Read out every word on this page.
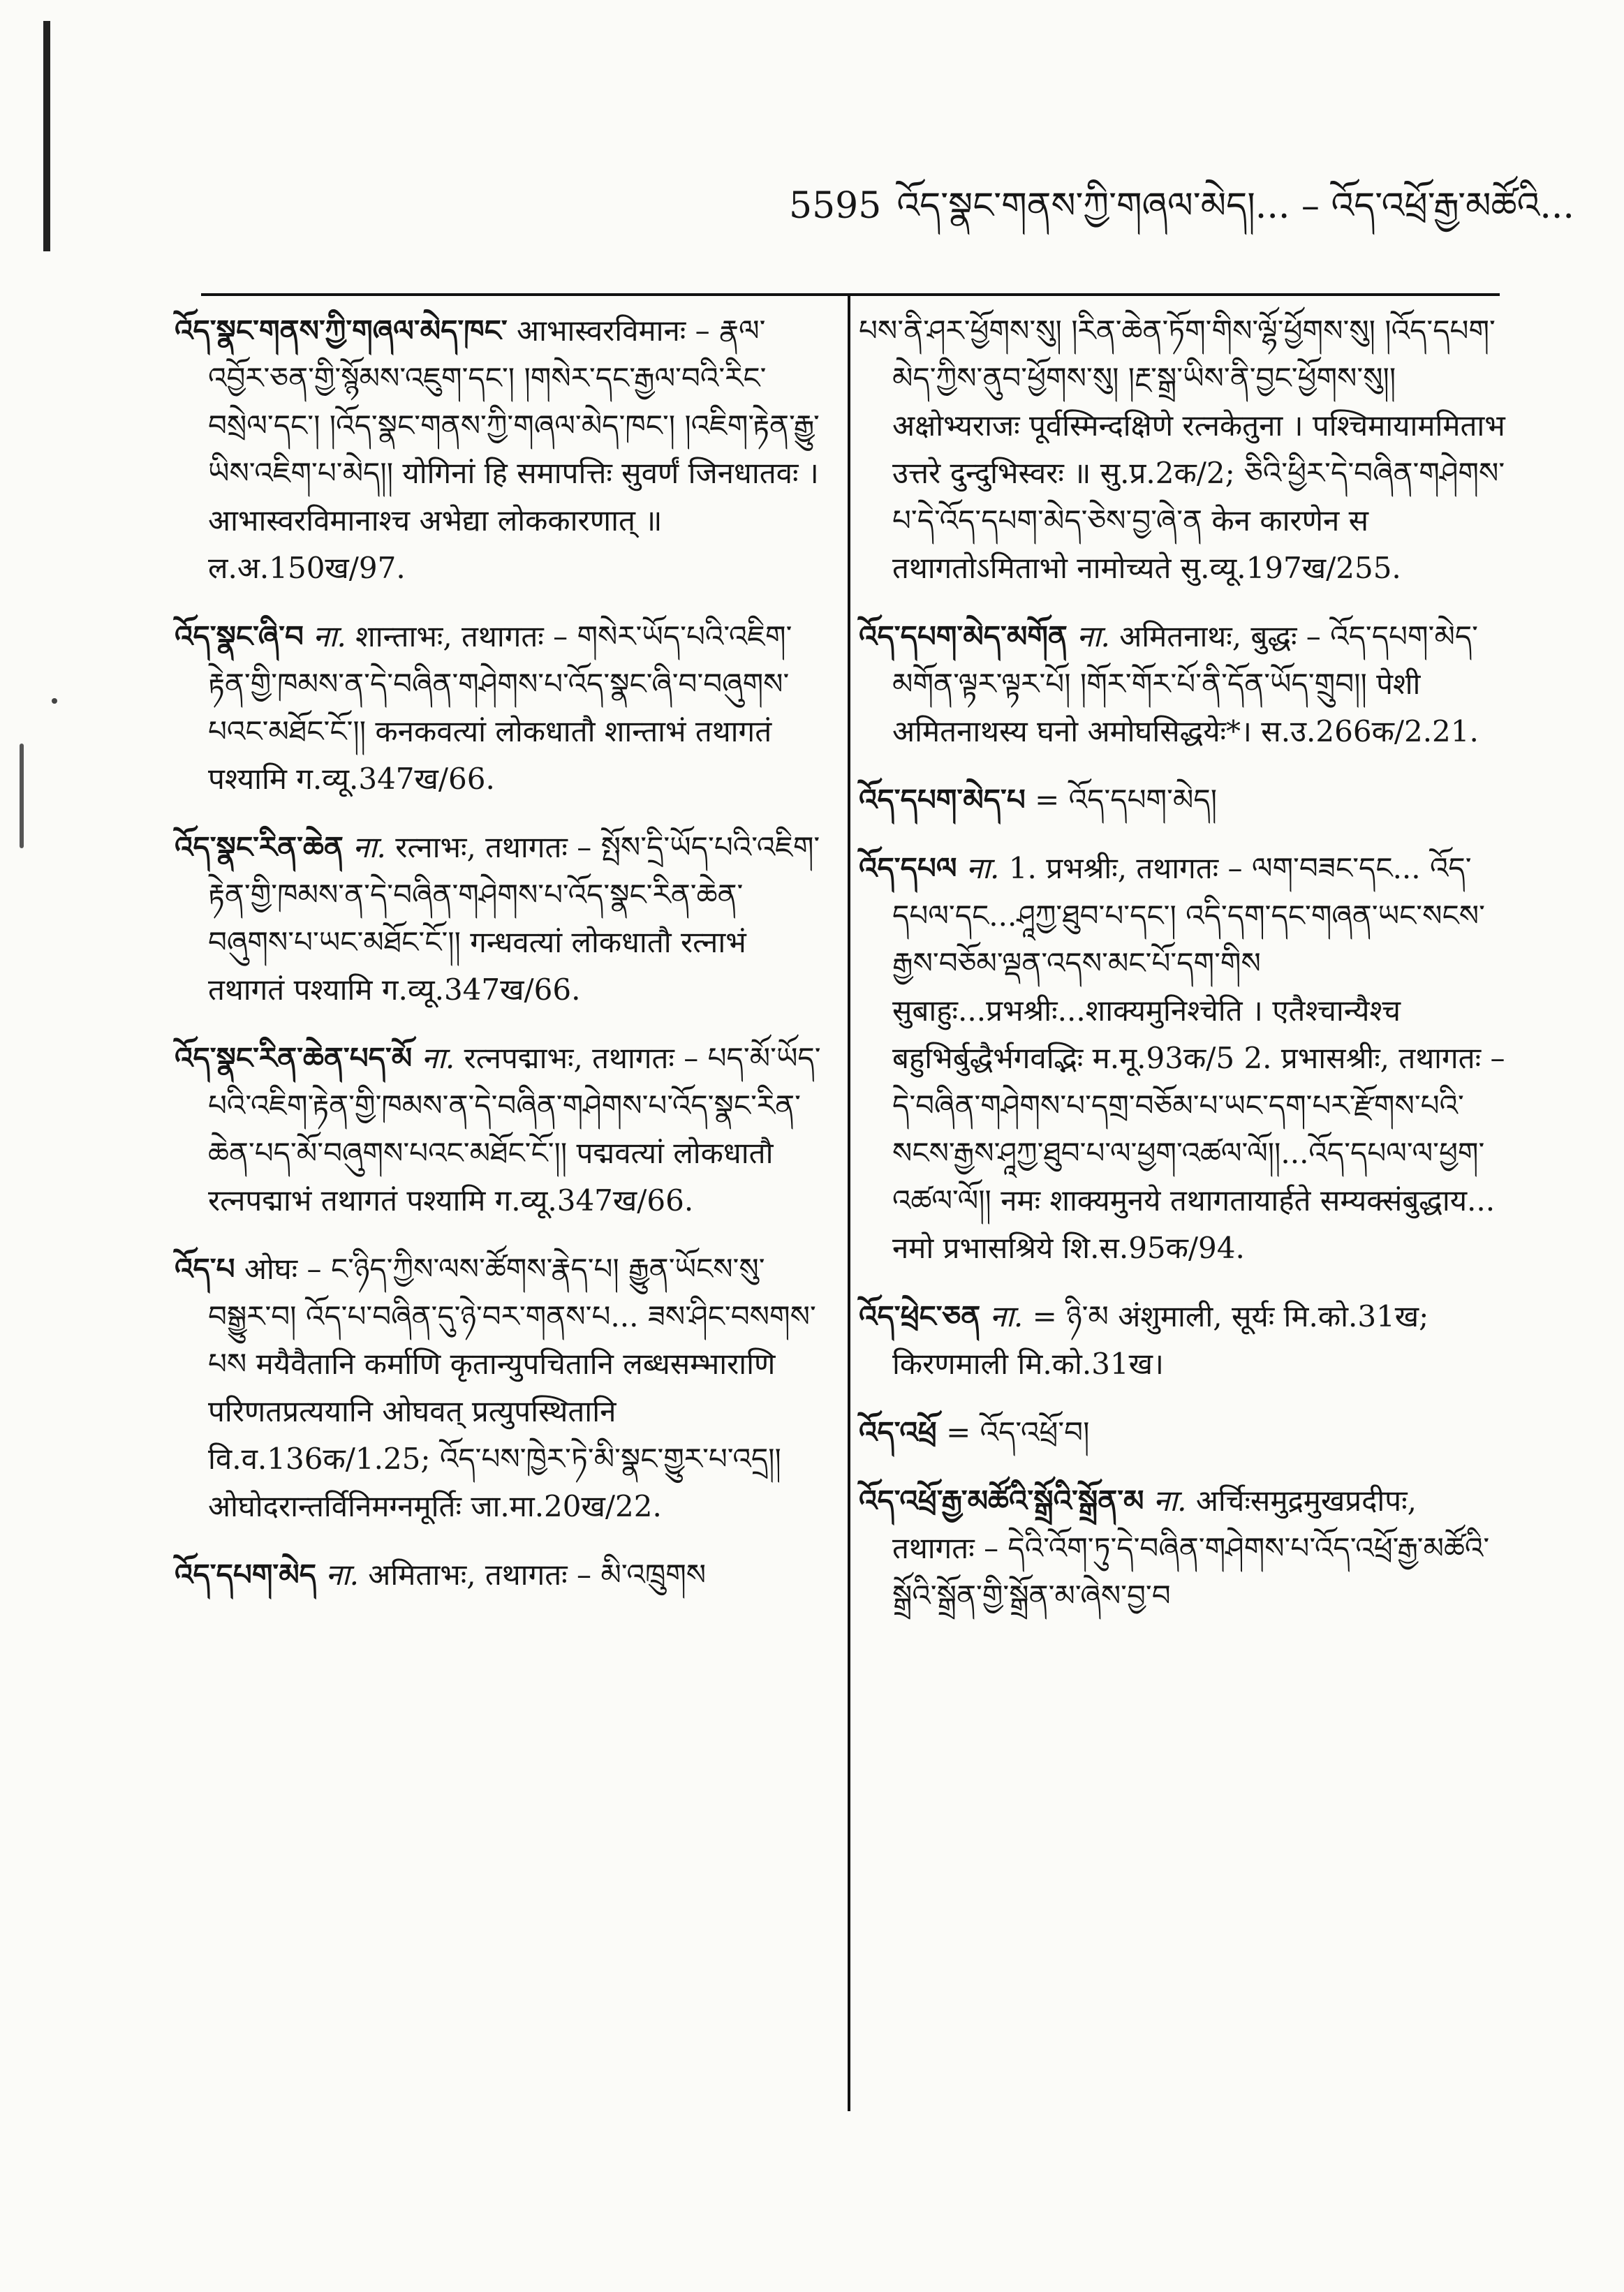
5595 འོད་སྣང་གནས་ཀྱི་གཞལ་མེད།... – འོད་འཕྲོ་རྒྱ་མཚོའི...

འོད་སྣང་གནས་ཀྱི་གཞལ་མེད་ཁང་ आभास्वरविमानः – རྣལ་འབྱོར་ཅན་གྱི་སྙོམས་འཇུག་དང་། །གསེར་དང་རྒྱལ་བའི་རིང་བསྲེལ་དང་། །འོད་སྣང་གནས་ཀྱི་གཞལ་མེད་ཁང་། །འཇིག་རྟེན་རྒྱུ་ཡིས་འཇིག་པ་མེད།། योगिनां हि समापत्तिः सुवर्णं जिनधातवः । आभास्वरविमानाश्च अभेद्या लोककारणात् ॥ ल.अ.150ख/97.

འོད་སྣང་ཞི་བ ना. शान्ताभः, तथागतः – གསེར་ཡོད་པའི་འཇིག་རྟེན་གྱི་ཁམས་ན་དེ་བཞིན་གཤེགས་པ་འོད་སྣང་ཞི་བ་བཞུགས་པའང་མཐོང་ངོ་།། कनकवत्यां लोकधातौ शान्ताभं तथागतं पश्यामि ग.व्यू.347ख/66.

འོད་སྣང་རིན་ཆེན ना. रत्नाभः, तथागतः – སྤོས་དྲི་ཡོད་པའི་འཇིག་རྟེན་གྱི་ཁམས་ན་དེ་བཞིན་གཤེགས་པ་འོད་སྣང་རིན་ཆེན་བཞུགས་པ་ཡང་མཐོང་ངོ་།། गन्धवत्यां लोकधातौ रत्नाभं तथागतं पश्यामि ग.व्यू.347ख/66.

འོད་སྣང་རིན་ཆེན་པད་མོ ना. रत्नपद्माभः, तथागतः – པད་མོ་ཡོད་པའི་འཇིག་རྟེན་གྱི་ཁམས་ན་དེ་བཞིན་གཤེགས་པ་འོད་སྣང་རིན་ཆེན་པད་མོ་བཞུགས་པའང་མཐོང་ངོ་།། पद्मवत्यां लोकधातौ रत्नपद्माभं तथागतं पश्यामि ग.व्यू.347ख/66.

འོད་པ ओघः – ང་ཉིད་ཀྱིས་ལས་ཚོགས་རྣེད་པ། རྒྱུན་ཡོངས་སུ་བསྒྱུར་བ། འོད་པ་བཞིན་དུ་ཉེ་བར་གནས་པ... ཟས་ཤིང་བསགས་པས मयैवैतानि कर्माणि कृतान्युपचितानि लब्धसम्भाराणि परिणतप्रत्ययानि ओघवत् प्रत्युपस्थितानि वि.व.136क/1.25; འོད་པས་ཁྱེར་ཏེ་མི་སྣང་གྱུར་པ་འདྲ།། ओघोदरान्तर्विनिमग्नमूर्तिः जा.मा.20ख/22.

འོད་དཔག་མེད ना. अमिताभः, तथागतः – མི་འཁྲུགས

པས་ནི་ཤར་ཕྱོགས་སུ། །རིན་ཆེན་ཏོག་གིས་ལྷོ་ཕྱོགས་སུ། །འོད་དཔག་མེད་ཀྱིས་ནུབ་ཕྱོགས་སུ། །རྔ་སྒྲ་ཡིས་ནི་བྱང་ཕྱོགས་སུ།། अक्षोभ्यराजः पूर्वस्मिन्दक्षिणे रत्नकेतुना । पश्चिमायाममिताभ उत्तरे दुन्दुभिस्वरः ॥ सु.प्र.2क/2; ཅིའི་ཕྱིར་དེ་བཞིན་གཤེགས་པ་དེ་འོད་དཔག་མེད་ཅེས་བྱ་ཞེ་ན केन कारणेन स तथागतोऽमिताभो नामोच्यते सु.व्यू.197ख/255.

འོད་དཔག་མེད་མགོན ना. अमितनाथः, बुद्धः – འོད་དཔག་མེད་མགོན་ལྟར་ལྟར་པོ། །གོར་གོར་པོ་ནི་དོན་ཡོད་གྲུབ།། पेशी अमितनाथस्य घनो अमोघसिद्धयेः*। स.उ.266क/2.21.

འོད་དཔག་མེད་པ = འོད་དཔག་མེད།

འོད་དཔལ ना. 1. प्रभश्रीः, तथागतः – ལག་བཟང་དང... འོད་དཔལ་དང...ཤཱཀྱ་ཐུབ་པ་དང་། འདི་དག་དང་གཞན་ཡང་སངས་རྒྱས་བཅོམ་ལྡན་འདས་མང་པོ་དག་གིས सुबाहुः...प्रभश्रीः...शाक्यमुनिश्चेति । एतैश्चान्यैश्च बहुभिर्बुद्धैर्भगवद्भिः म.मू.93क/5 2. प्रभासश्रीः, तथागतः – དེ་བཞིན་གཤེགས་པ་དགྲ་བཅོམ་པ་ཡང་དག་པར་རྫོགས་པའི་སངས་རྒྱས་ཤཱཀྱ་ཐུབ་པ་ལ་ཕྱག་འཚལ་ལོ།།...འོད་དཔལ་ལ་ཕྱག་འཚལ་ལོ།། नमः शाक्यमुनये तथागतायार्हते सम्यक्संबुद्धाय... नमो प्रभासश्रिये शि.स.95क/94.

འོད་ཕྲེང་ཅན ना. = ཉི་མ अंशुमाली, सूर्यः मि.को.31ख; किरणमाली मि.को.31ख।

འོད་འཕྲོ = འོད་འཕྲོ་བ།

འོད་འཕྲོ་རྒྱ་མཚོའི་སྒྲོའི་སྒྲོན་མ ना. अर्चिःसमुद्रमुखप्रदीपः, तथागतः – དེའི་འོག་ཏུ་དེ་བཞིན་གཤེགས་པ་འོད་འཕྲོ་རྒྱ་མཚོའི་སྒྲོའི་སྒྲོན་གྱི་སྒྲོན་མ་ཞེས་བྱ་བ
